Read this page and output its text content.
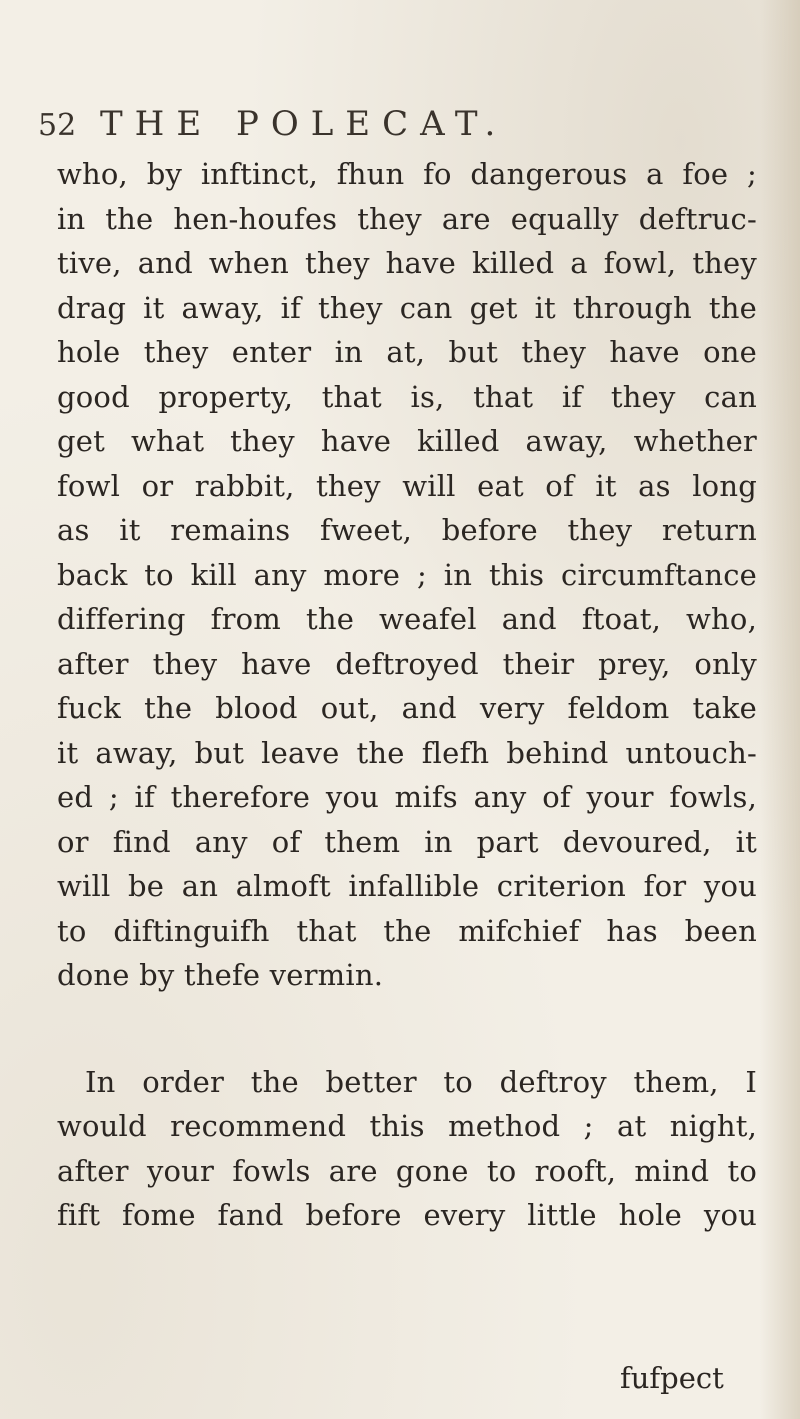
52 THE POLECAT.
who, by inftinct, fhun fo dangerous a foe ;
in the hen-houfes they are equally deftruc-
tive, and when they have killed a fowl, they
drag it away, if they can get it through the
hole they enter in at, but they have one
good property, that is, that if they can
get what they have killed away, whether
fowl or rabbit, they will eat of it as long
as it remains fweet, before they return
back to kill any more ; in this circumftance
differing from the weafel and ftoat, who,
after they have deftroyed their prey, only
fuck the blood out, and very feldom take
it away, but leave the flefh behind untouch-
ed ; if therefore you mifs any of your fowls,
or find any of them in part devoured, it
will be an almoft infallible criterion for you
to diftinguifh that the mifchief has been
done by thefe vermin.
In order the better to deftroy them, I
would recommend this method ; at night,
after your fowls are gone to rooft, mind to
fift fome fand before every little hole you
fufpect
